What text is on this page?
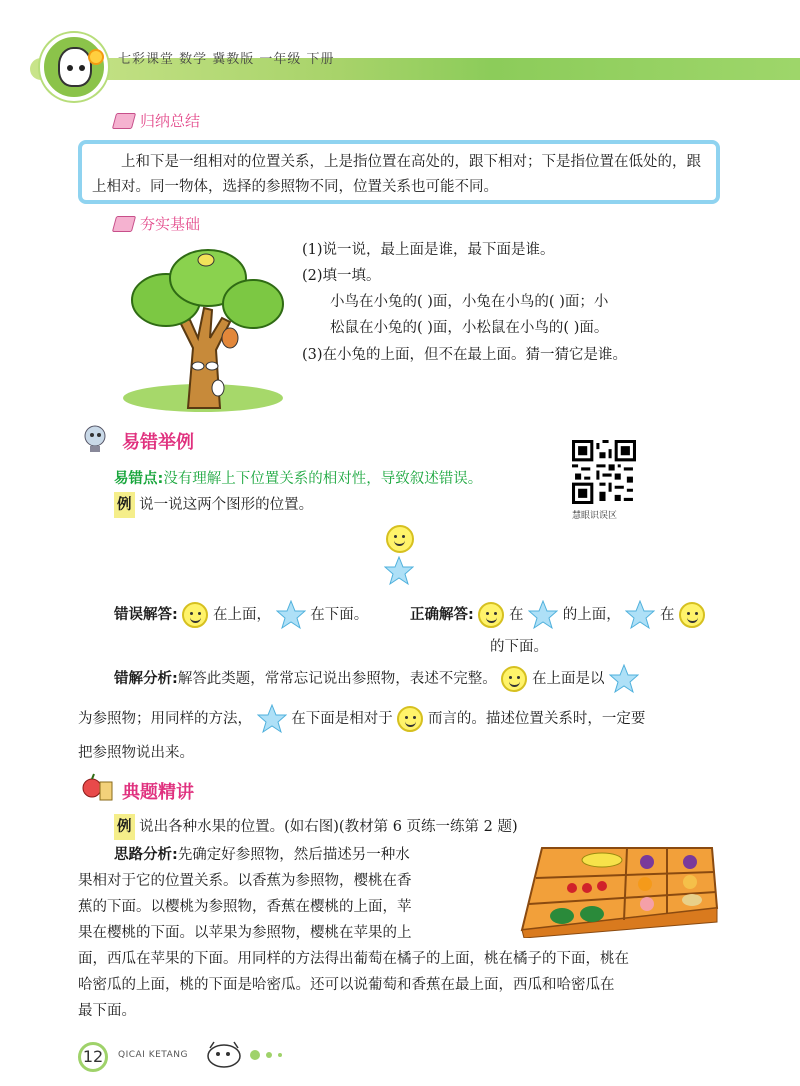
七彩课堂 数学 冀教版 一年级 下册
归纳总结
上和下是一组相对的位置关系，上是指位置在高处的，跟下相对；下是指位置在低处的，跟上相对。同一物体，选择的参照物不同，位置关系也可能不同。
夯实基础
(1)说一说，最上面是谁，最下面是谁。
(2)填一填。
小鸟在小兔的( )面，小兔在小鸟的( )面；小
松鼠在小兔的( )面，小松鼠在小鸟的( )面。
(3)在小兔的上面，但不在最上面。猜一猜它是谁。
易错举例
易错点:没有理解上下位置关系的相对性，导致叙述错误。
例 说一说这两个图形的位置。
慧眼识误区
错误解答: 在上面，	在下面。	正确解答: 在	的上面，	在
的下面。
错解分析:解答此类题，常常忘记说出参照物，表述不完整。 在上面是以
为参照物；用同样的方法，	在下面是相对于 而言的。描述位置关系时，一定要
把参照物说出来。
典题精讲
例 说出各种水果的位置。(如右图)(教材第 6 页练一练第 2 题)
思路分析:先确定好参照物，然后描述另一种水
果相对于它的位置关系。以香蕉为参照物，樱桃在香
蕉的下面。以樱桃为参照物，香蕉在樱桃的上面，苹
果在樱桃的下面。以苹果为参照物，樱桃在苹果的上
面，西瓜在苹果的下面。用同样的方法得出葡萄在橘子的上面，桃在橘子的下面，桃在
哈密瓜的上面，桃的下面是哈密瓜。还可以说葡萄和香蕉在最上面，西瓜和哈密瓜在
最下面。
12	QICAI KETANG
